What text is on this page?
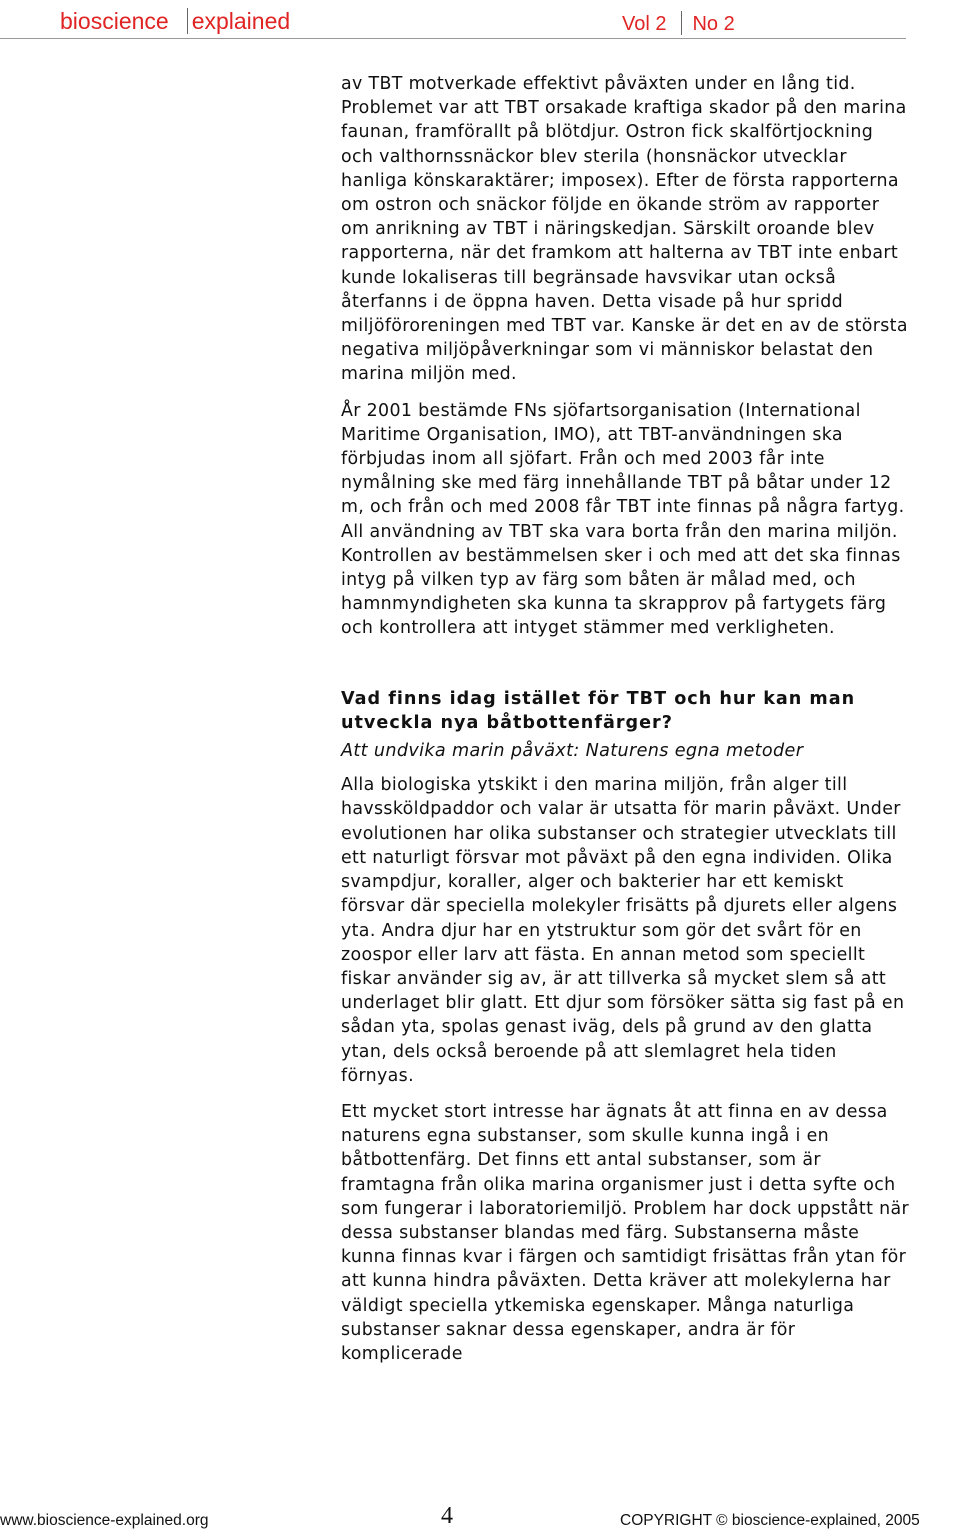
bioscience explained	Vol 2 No 2

av TBT motverkade effektivt påväxten under en lång tid. Problemet var att TBT orsakade kraftiga skador på den marina faunan, framförallt på blötdjur. Ostron fick skalförtjockning och valthornssnäckor blev sterila (honsnäckor utvecklar hanliga könskaraktärer; imposex). Efter de första rapporterna om ostron och snäckor följde en ökande ström av rapporter om anrikning av TBT i näringskedjan. Särskilt oroande blev rapporterna, när det framkom att halterna av TBT inte enbart kunde lokaliseras till begränsade havsvikar utan också återfanns i de öppna haven. Detta visade på hur spridd miljöföroreningen med TBT var. Kanske är det en av de största negativa miljöpåverkningar som vi människor belastat den marina miljön med.

År 2001 bestämde FNs sjöfartsorganisation (International Maritime Organisation, IMO), att TBT-användningen ska förbjudas inom all sjöfart. Från och med 2003 får inte nymålning ske med färg innehållande TBT på båtar under 12 m, och från och med 2008 får TBT inte finnas på några fartyg. All användning av TBT ska vara borta från den marina miljön. Kontrollen av bestämmelsen sker i och med att det ska finnas intyg på vilken typ av färg som båten är målad med, och hamnmyndigheten ska kunna ta skrapprov på fartygets färg och kontrollera att intyget stämmer med verkligheten.

Vad finns idag istället för TBT och hur kan man utveckla nya båtbottenfärger?

Att undvika marin påväxt: Naturens egna metoder

Alla biologiska ytskikt i den marina miljön, från alger till havssköldpaddor och valar är utsatta för marin påväxt. Under evolutionen har olika substanser och strategier utvecklats till ett naturligt försvar mot påväxt på den egna individen. Olika svampdjur, koraller, alger och bakterier har ett kemiskt försvar där speciella molekyler frisätts på djurets eller algens yta. Andra djur har en ytstruktur som gör det svårt för en zoospor eller larv att fästa. En annan metod som speciellt fiskar använder sig av, är att tillverka så mycket slem så att underlaget blir glatt. Ett djur som försöker sätta sig fast på en sådan yta, spolas genast iväg, dels på grund av den glatta ytan, dels också beroende på att slemlagret hela tiden förnyas.

Ett mycket stort intresse har ägnats åt att finna en av dessa naturens egna substanser, som skulle kunna ingå i en båtbottenfärg. Det finns ett antal substanser, som är framtagna från olika marina organismer just i detta syfte och som fungerar i laboratoriemiljö. Problem har dock uppstått när dessa substanser blandas med färg. Substanserna måste kunna finnas kvar i färgen och samtidigt frisättas från ytan för att kunna hindra påväxten. Detta kräver att molekylerna har väldigt speciella ytkemiska egenskaper. Många naturliga substanser saknar dessa egenskaper, andra är för komplicerade

www.bioscience-explained.org	4	COPYRIGHT © bioscience-explained, 2005
